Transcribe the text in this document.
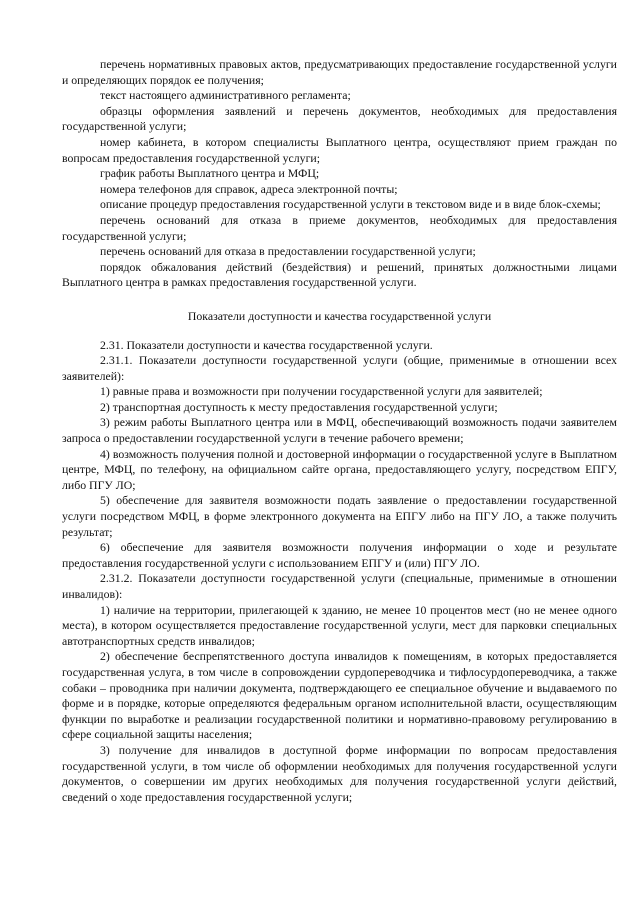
перечень нормативных правовых актов, предусматривающих предоставление государственной услуги и определяющих порядок ее получения;

текст настоящего административного регламента;

образцы оформления заявлений и перечень документов, необходимых для предоставления государственной услуги;

номер кабинета, в котором специалисты Выплатного центра, осуществляют прием граждан по вопросам предоставления государственной услуги;

график работы Выплатного центра и МФЦ;

номера телефонов для справок, адреса электронной почты;

описание процедур предоставления государственной услуги в текстовом виде и в виде блок-схемы;

перечень оснований для отказа в приеме документов, необходимых для предоставления государственной услуги;

перечень оснований для отказа в предоставлении государственной услуги;

порядок обжалования действий (бездействия) и решений, принятых должностными лицами Выплатного центра в рамках предоставления государственной услуги.

Показатели доступности и качества государственной услуги

2.31. Показатели доступности и качества государственной услуги.

2.31.1. Показатели доступности государственной услуги (общие, применимые в отношении всех заявителей):

1) равные права и возможности при получении государственной услуги для заявителей;

2) транспортная доступность к месту предоставления государственной услуги;

3) режим работы Выплатного центра или в МФЦ, обеспечивающий возможность подачи заявителем запроса о предоставлении государственной услуги в течение рабочего времени;

4) возможность получения полной и достоверной информации о государственной услуге в Выплатном центре, МФЦ, по телефону, на официальном сайте органа, предоставляющего услугу, посредством ЕПГУ, либо ПГУ ЛО;

5) обеспечение для заявителя возможности подать заявление о предоставлении государственной услуги посредством МФЦ, в форме электронного документа на ЕПГУ либо на ПГУ ЛО, а также получить результат;

6) обеспечение для заявителя возможности получения информации о ходе и результате предоставления государственной услуги с использованием ЕПГУ и (или) ПГУ ЛО.

2.31.2. Показатели доступности государственной услуги (специальные, применимые в отношении инвалидов):

1) наличие на территории, прилегающей к зданию, не менее 10 процентов мест (но не менее одного места), в котором осуществляется предоставление государственной услуги, мест для парковки специальных автотранспортных средств инвалидов;

2) обеспечение беспрепятственного доступа инвалидов к помещениям, в которых предоставляется государственная услуга, в том числе в сопровождении сурдопереводчика и тифлосурдопереводчика, а также собаки – проводника при наличии документа, подтверждающего ее специальное обучение и выдаваемого по форме и в порядке, которые определяются федеральным органом исполнительной власти, осуществляющим функции по выработке и реализации государственной политики и нормативно-правовому регулированию в сфере социальной защиты населения;

3) получение для инвалидов в доступной форме информации по вопросам предоставления государственной услуги, в том числе об оформлении необходимых для получения государственной услуги документов, о совершении им других необходимых для получения государственной услуги действий, сведений о ходе предоставления государственной услуги;
